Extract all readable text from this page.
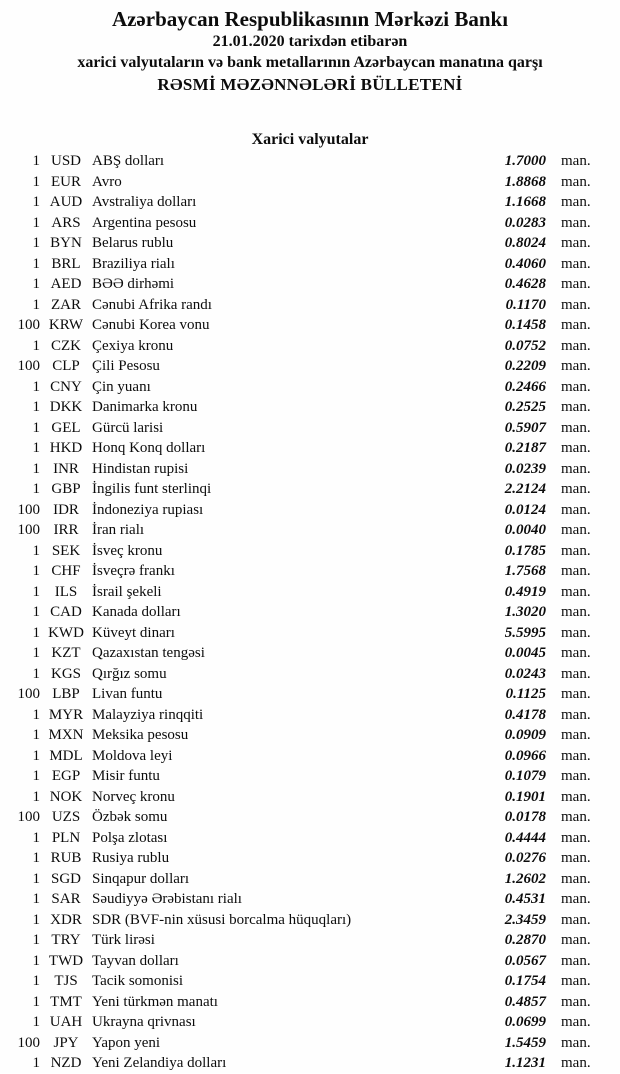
Azərbaycan Respublikasının Mərkəzi Bankı
21.01.2020 tarixdən etibarən
xarici valyutaların və bank metallarının Azərbaycan manatına qarşı
RƏSMİ MƏZƏNNƏLƏRİ BÜLLETENİ
Xarici valyutalar
1 USD ABŞ dolları	1.7000	man.
1 EUR Avro	1.8868	man.
1 AUD Avstraliya dolları	1.1668	man.
1 ARS Argentina pesosu	0.0283	man.
1 BYN Belarus rublu	0.8024	man.
1 BRL Braziliya rialı	0.4060	man.
1 AED BƏƏ dirhəmi	0.4628	man.
1 ZAR Cənubi Afrika randı	0.1170	man.
100 KRW Cənubi Korea vonu	0.1458	man.
1 CZK Çexiya kronu	0.0752	man.
100 CLP Çili Pesosu	0.2209	man.
1 CNY Çin yuanı	0.2466	man.
1 DKK Danimarka kronu	0.2525	man.
1 GEL Gürcü larisi	0.5907	man.
1 HKD Honq Konq dolları	0.2187	man.
1 INR Hindistan rupisi	0.0239	man.
1 GBP İngilis funt sterlinqi	2.2124	man.
100 IDR İndoneziya rupiası	0.0124	man.
100 IRR İran rialı	0.0040	man.
1 SEK İsveç kronu	0.1785	man.
1 CHF İsveçrə frankı	1.7568	man.
1 ILS İsrail şekeli	0.4919	man.
1 CAD Kanada dolları	1.3020	man.
1 KWD Küveyt dinarı	5.5995	man.
1 KZT Qazaxıstan tengəsi	0.0045	man.
1 KGS Qırğız somu	0.0243	man.
100 LBP Livan funtu	0.1125	man.
1 MYR Malayziya rinqqiti	0.4178	man.
1 MXN Meksika pesosu	0.0909	man.
1 MDL Moldova leyi	0.0966	man.
1 EGP Misir funtu	0.1079	man.
1 NOK Norveç kronu	0.1901	man.
100 UZS Özbək somu	0.0178	man.
1 PLN Polşa zlotası	0.4444	man.
1 RUB Rusiya rublu	0.0276	man.
1 SGD Sinqapur dolları	1.2602	man.
1 SAR Səudiyyə Ərəbistanı rialı	0.4531	man.
1 XDR SDR (BVF-nin xüsusi borcalma hüquqları)	2.3459	man.
1 TRY Türk lirəsi	0.2870	man.
1 TWD Tayvan dolları	0.0567	man.
1 TJS Tacik somonisi	0.1754	man.
1 TMT Yeni türkmən manatı	0.4857	man.
1 UAH Ukrayna qrivnası	0.0699	man.
100 JPY Yapon yeni	1.5459	man.
1 NZD Yeni Zelandiya dolları	1.1231	man.
